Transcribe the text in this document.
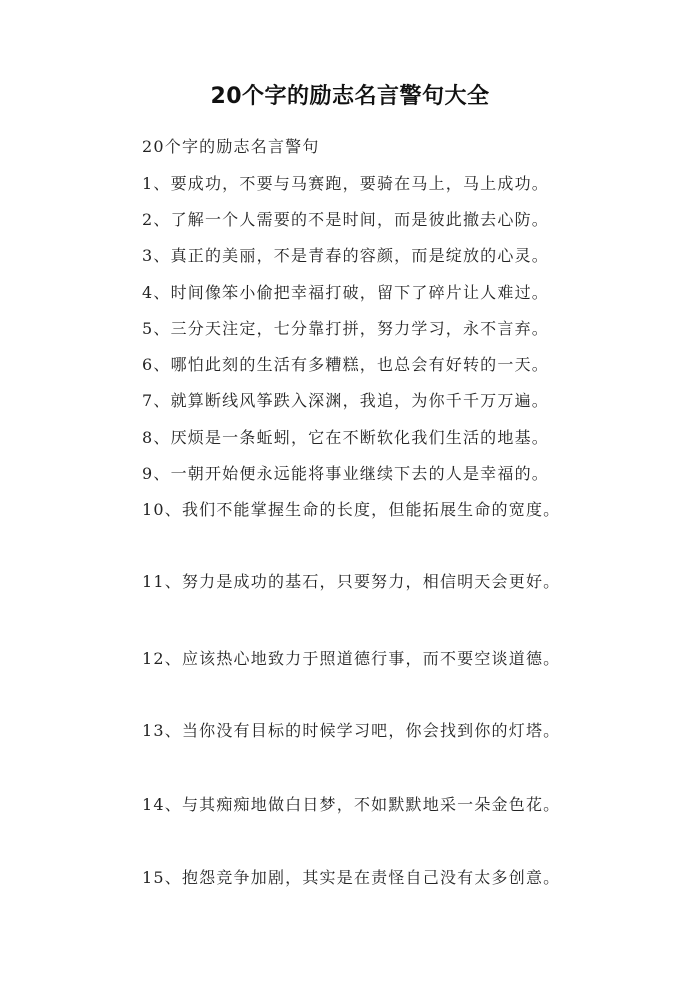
20个字的励志名言警句大全
20个字的励志名言警句
1、要成功，不要与马赛跑，要骑在马上，马上成功。
2、了解一个人需要的不是时间，而是彼此撤去心防。
3、真正的美丽，不是青春的容颜，而是绽放的心灵。
4、时间像笨小偷把幸福打破，留下了碎片让人难过。
5、三分天注定，七分靠打拼，努力学习，永不言弃。
6、哪怕此刻的生活有多糟糕，也总会有好转的一天。
7、就算断线风筝跌入深渊，我追，为你千千万万遍。
8、厌烦是一条蚯蚓，它在不断软化我们生活的地基。
9、一朝开始便永远能将事业继续下去的人是幸福的。
10、我们不能掌握生命的长度，但能拓展生命的宽度。
11、努力是成功的基石，只要努力，相信明天会更好。
12、应该热心地致力于照道德行事，而不要空谈道德。
13、当你没有目标的时候学习吧，你会找到你的灯塔。
14、与其痴痴地做白日梦，不如默默地采一朵金色花。
15、抱怨竞争加剧，其实是在责怪自己没有太多创意。
